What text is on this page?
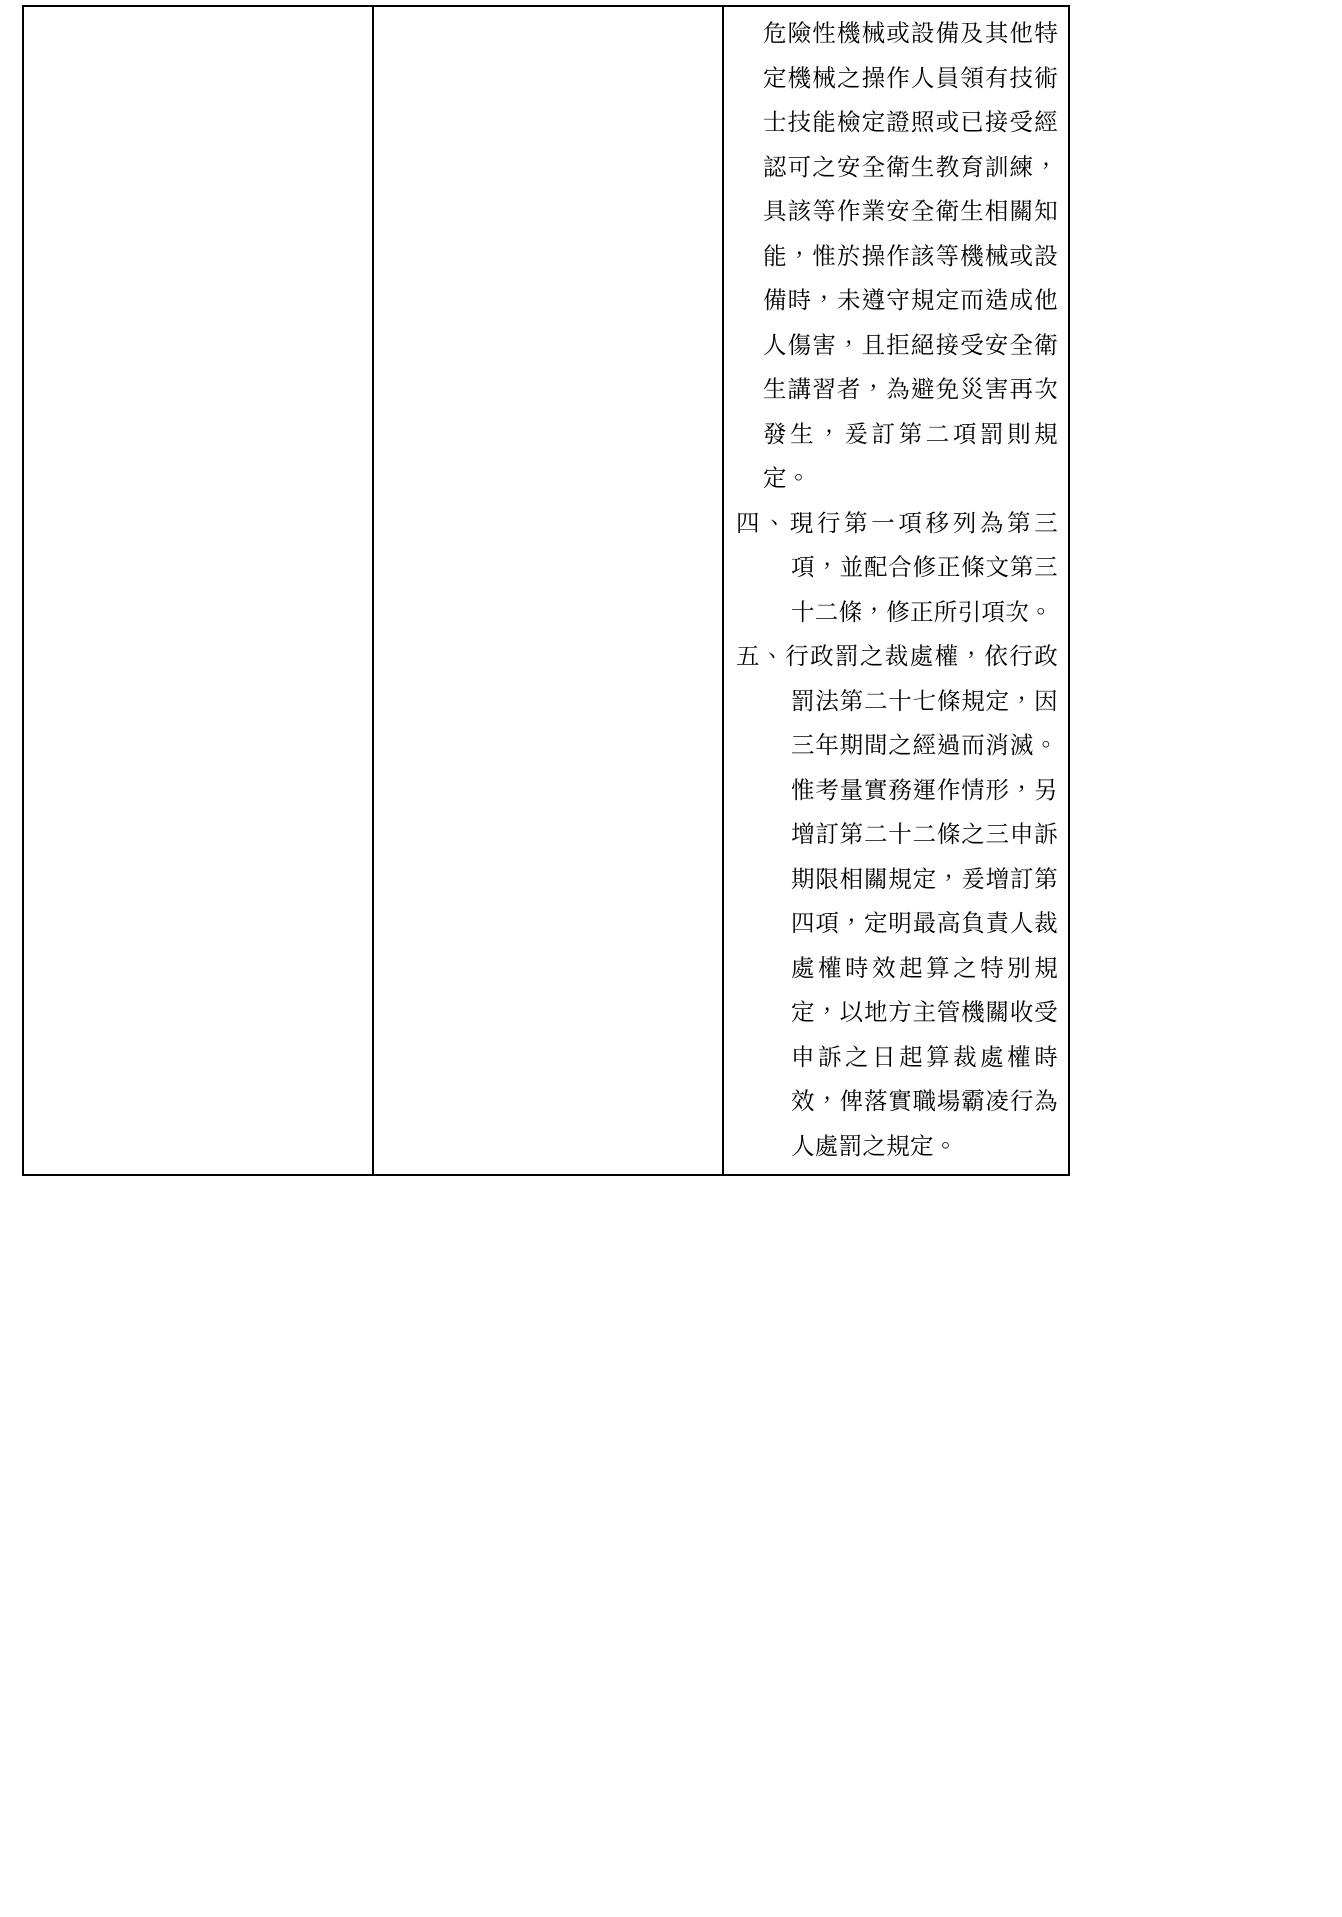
危險性機械或設備及其他特定機械之操作人員領有技術士技能檢定證照或已接受經認可之安全衛生教育訓練，具該等作業安全衛生相關知能，惟於操作該等機械或設備時，未遵守規定而造成他人傷害，且拒絕接受安全衛生講習者，為避免災害再次發生，爰訂第二項罰則規定。

四、現行第一項移列為第三項，並配合修正條文第三十二條，修正所引項次。

五、行政罰之裁處權，依行政罰法第二十七條規定，因三年期間之經過而消滅。惟考量實務運作情形，另增訂第二十二條之三申訴期限相關規定，爰增訂第四項，定明最高負責人裁處權時效起算之特別規定，以地方主管機關收受申訴之日起算裁處權時效，俾落實職場霸凌行為人處罰之規定。
